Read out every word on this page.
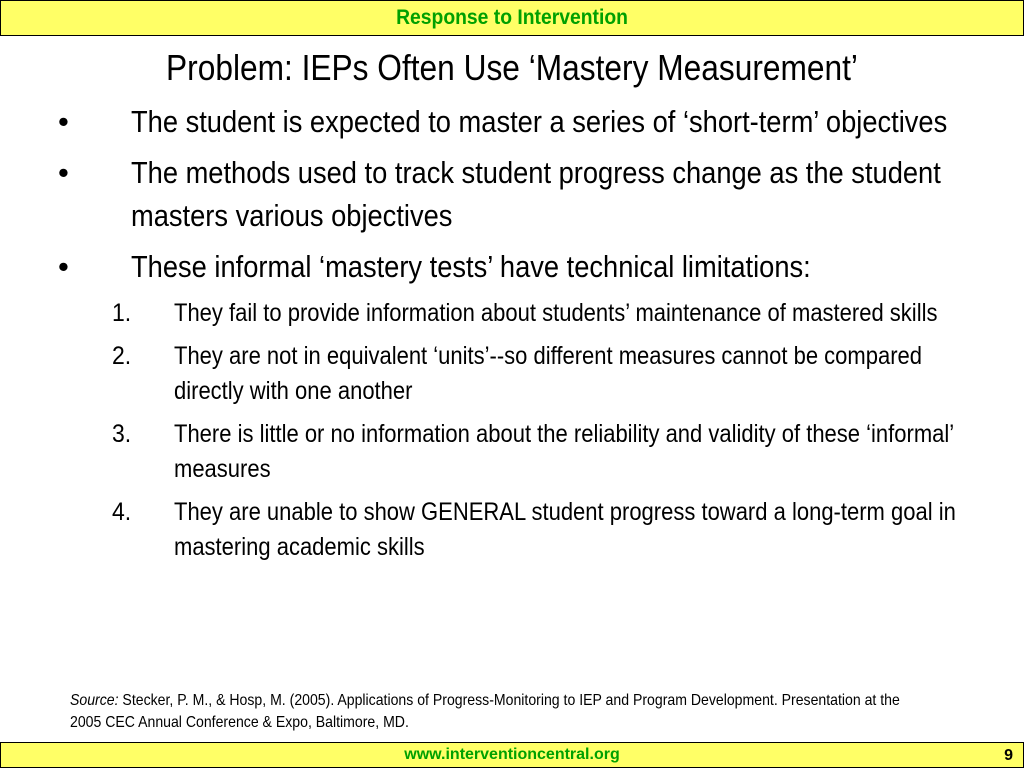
Response to Intervention
Problem: IEPs Often Use ‘Mastery Measurement’
• The student is expected to master a series of ‘short-term’ objectives
• The methods used to track student progress change as the student masters various objectives
• These informal ‘mastery tests’ have technical limitations:
1. They fail to provide information about students’ maintenance of mastered skills
2. They are not in equivalent ‘units’--so different measures cannot be compared directly with one another
3. There is little or no information about the reliability and validity of these ‘informal’ measures
4. They are unable to show GENERAL student progress toward a long-term goal in mastering academic skills
Source: Stecker, P. M., & Hosp, M. (2005). Applications of Progress-Monitoring to IEP and Program Development. Presentation at the 2005 CEC Annual Conference & Expo, Baltimore, MD.
www.interventioncentral.org	9
